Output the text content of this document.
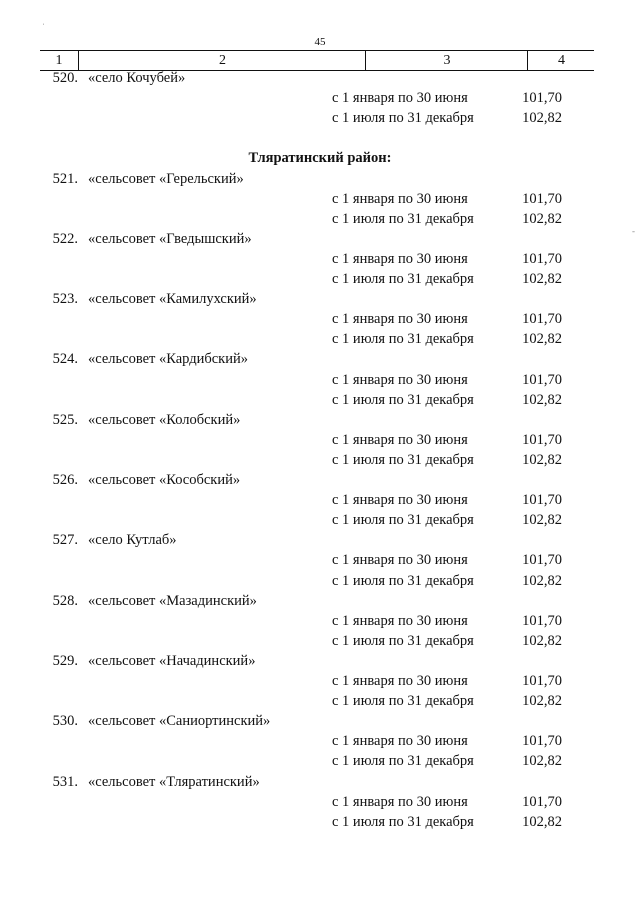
ˈ
-
45
1	2	3	4
520. «село Кочубей»
с 1 января по 30 июня	101,70
с 1 июля по 31 декабря	102,82
Тляратинский район:
521. «сельсовет «Герельский»
с 1 января по 30 июня	101,70
с 1 июля по 31 декабря	102,82
522. «сельсовет «Гведышский»
с 1 января по 30 июня	101,70
с 1 июля по 31 декабря	102,82
523. «сельсовет «Камилухский»
с 1 января по 30 июня	101,70
с 1 июля по 31 декабря	102,82
524. «сельсовет «Кардибский»
с 1 января по 30 июня	101,70
с 1 июля по 31 декабря	102,82
525. «сельсовет «Колобский»
с 1 января по 30 июня	101,70
с 1 июля по 31 декабря	102,82
526. «сельсовет «Кособский»
с 1 января по 30 июня	101,70
с 1 июля по 31 декабря	102,82
527. «село Кутлаб»
с 1 января по 30 июня	101,70
с 1 июля по 31 декабря	102,82
528. «сельсовет «Мазадинский»
с 1 января по 30 июня	101,70
с 1 июля по 31 декабря	102,82
529. «сельсовет «Начадинский»
с 1 января по 30 июня	101,70
с 1 июля по 31 декабря	102,82
530. «сельсовет «Саниортинский»
с 1 января по 30 июня	101,70
с 1 июля по 31 декабря	102,82
531. «сельсовет «Тляратинский»
с 1 января по 30 июня	101,70
с 1 июля по 31 декабря	102,82
